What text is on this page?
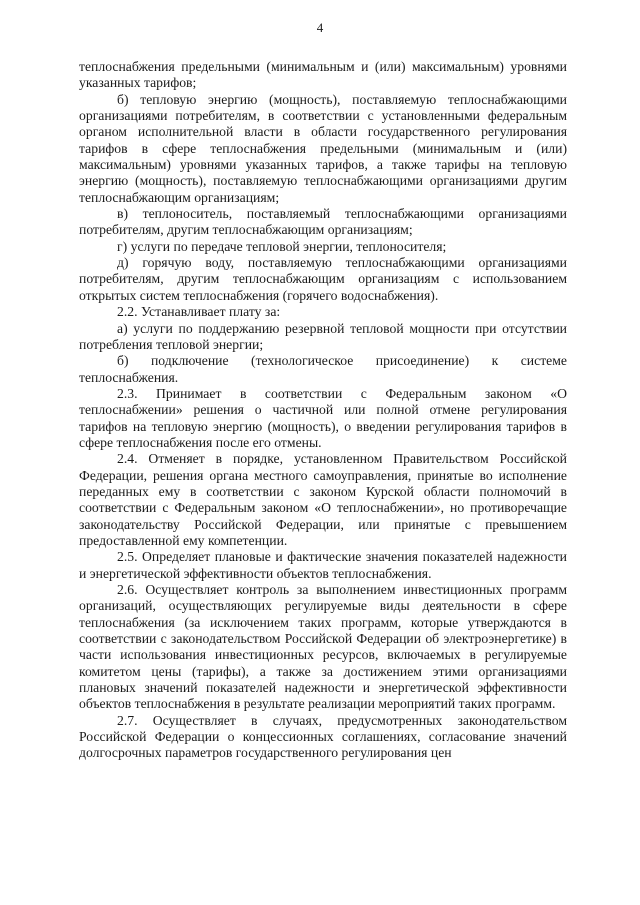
4

теплоснабжения предельными (минимальным и (или) максимальным) уровнями указанных тарифов;

б) тепловую энергию (мощность), поставляемую теплоснабжающими организациями потребителям, в соответствии с установленными федеральным органом исполнительной власти в области государственного регулирования тарифов в сфере теплоснабжения предельными (минимальным и (или) максимальным) уровнями указанных тарифов, а также тарифы на тепловую энергию (мощность), поставляемую теплоснабжающими организациями другим теплоснабжающим организациям;

в) теплоноситель, поставляемый теплоснабжающими организациями потребителям, другим теплоснабжающим организациям;

г) услуги по передаче тепловой энергии, теплоносителя;

д) горячую воду, поставляемую теплоснабжающими организациями потребителям, другим теплоснабжающим организациям с использованием открытых систем теплоснабжения (горячего водоснабжения).

2.2. Устанавливает плату за:

а) услуги по поддержанию резервной тепловой мощности при отсутствии потребления тепловой энергии;

б) подключение (технологическое присоединение) к системе теплоснабжения.

2.3. Принимает в соответствии с Федеральным законом «О теплоснабжении» решения о частичной или полной отмене регулирования тарифов на тепловую энергию (мощность), о введении регулирования тарифов в сфере теплоснабжения после его отмены.

2.4. Отменяет в порядке, установленном Правительством Российской Федерации, решения органа местного самоуправления, принятые во исполнение переданных ему в соответствии с законом Курской области полномочий в соответствии с Федеральным законом «О теплоснабжении», но противоречащие законодательству Российской Федерации, или принятые с превышением предоставленной ему компетенции.

2.5. Определяет плановые и фактические значения показателей надежности и энергетической эффективности объектов теплоснабжения.

2.6. Осуществляет контроль за выполнением инвестиционных программ организаций, осуществляющих регулируемые виды деятельности в сфере теплоснабжения (за исключением таких программ, которые утверждаются в соответствии с законодательством Российской Федерации об электроэнергетике) в части использования инвестиционных ресурсов, включаемых в регулируемые комитетом цены (тарифы), а также за достижением этими организациями плановых значений показателей надежности и энергетической эффективности объектов теплоснабжения в результате реализации мероприятий таких программ.

2.7. Осуществляет в случаях, предусмотренных законодательством Российской Федерации о концессионных соглашениях, согласование значений долгосрочных параметров государственного регулирования цен
